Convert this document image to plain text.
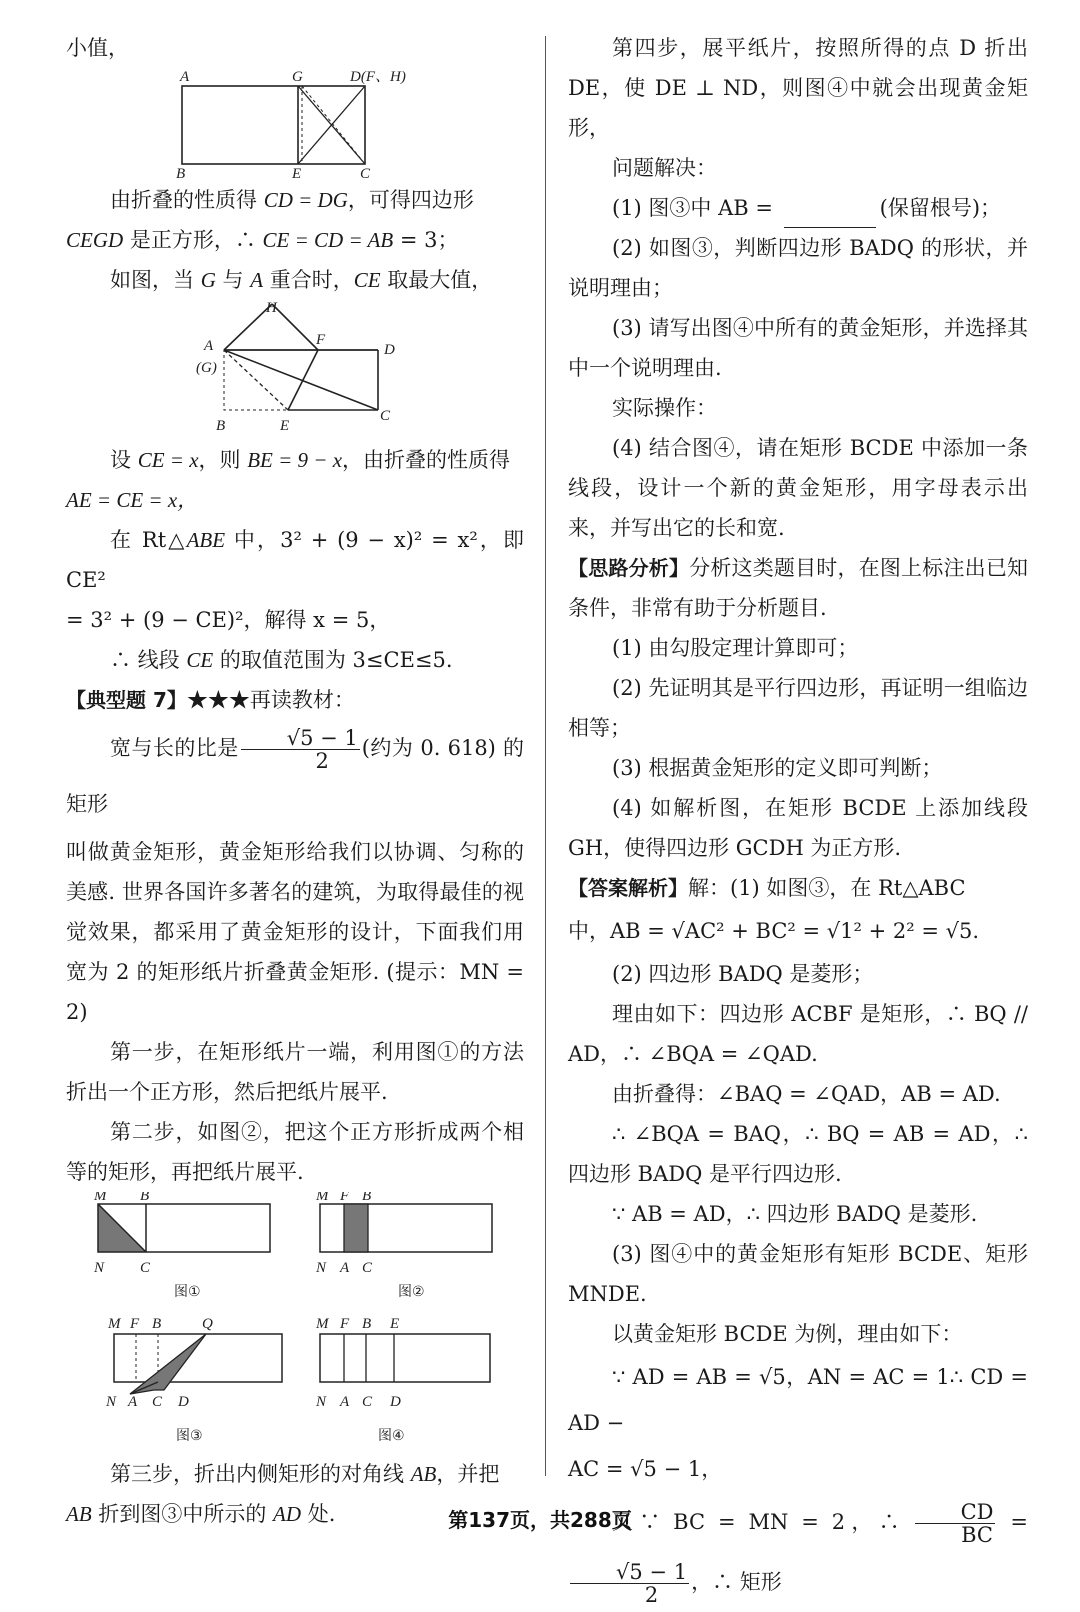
小值，

A	G	D(F、H)
B	E	C

由折叠的性质得 CD = DG，可得四边形

CEGD 是正方形，∴ CE = CD = AB = 3；

如图，当 G 与 A 重合时，CE 取最大值，

H
A
(G)
F
D
B	E
C

设 CE = x，则 BE = 9 − x，由折叠的性质得

AE = CE = x，

在 Rt△ABE 中，3² + (9 − x)² = x²，即 CE²

= 3² + (9 − CE)²，解得 x = 5，

∴ 线段 CE 的取值范围为 3≤CE≤5.

【典型题 7】★★★再读教材：

宽与长的比是 $\frac{√5 - 1}{2}$ (约为 0. 618) 的矩形

叫做黄金矩形，黄金矩形给我们以协调、匀称的美感. 世界各国许多著名的建筑，为取得最佳的视觉效果，都采用了黄金矩形的设计，下面我们用宽为 2 的矩形纸片折叠黄金矩形. (提示：MN = 2)

第一步，在矩形纸片一端，利用图①的方法折出一个正方形，然后把纸片展平.

第二步，如图②，把这个正方形折成两个相等的矩形，再把纸片展平.

M B
N C
图①
M F B
N A C
图②
M F B	Q
N A C D
图③
M F B E
N A C D
图④

第三步，折出内侧矩形的对角线 AB，并把

AB 折到图③中所示的 AD 处.

第四步，展平纸片，按照所得的点 D 折出 DE，使 DE ⊥ ND，则图④中就会出现黄金矩形，

问题解决：

(1) 图③中 AB =	(保留根号)；

(2) 如图③，判断四边形 BADQ 的形状，并说明理由；

(3) 请写出图④中所有的黄金矩形，并选择其中一个说明理由.

实际操作：

(4) 结合图④，请在矩形 BCDE 中添加一条线段，设计一个新的黄金矩形，用字母表示出来，并写出它的长和宽.

【思路分析】分析这类题目时，在图上标注出已知条件，非常有助于分析题目.

(1) 由勾股定理计算即可；

(2) 先证明其是平行四边形，再证明一组临边相等；

(3) 根据黄金矩形的定义即可判断；

(4) 如解析图，在矩形 BCDE 上添加线段 GH，使得四边形 GCDH 为正方形.

【答案解析】解：(1) 如图③，在 Rt△ABC

中，AB = √AC² + BC² = √1² + 2² = √5.

(2) 四边形 BADQ 是菱形；

理由如下：四边形 ACBF 是矩形，∴ BQ // AD，∴ ∠BQA = ∠QAD.

由折叠得：∠BAQ = ∠QAD，AB = AD.

∴ ∠BQA = BAQ，∴ BQ = AB = AD，∴ 四边形 BADQ 是平行四边形.

∵ AB = AD，∴ 四边形 BADQ 是菱形.

(3) 图④中的黄金矩形有矩形 BCDE、矩形 MNDE.

以黄金矩形 BCDE 为例，理由如下：

∵ AD = AB = √5，AN = AC = 1∴ CD = AD −

AC = √5 − 1，

又∵ BC = MN = 2，∴ $\frac{CD}{BC}$ =
$\frac{√5 - 1}{2}$ ，∴ 矩形

第137页，共288页
